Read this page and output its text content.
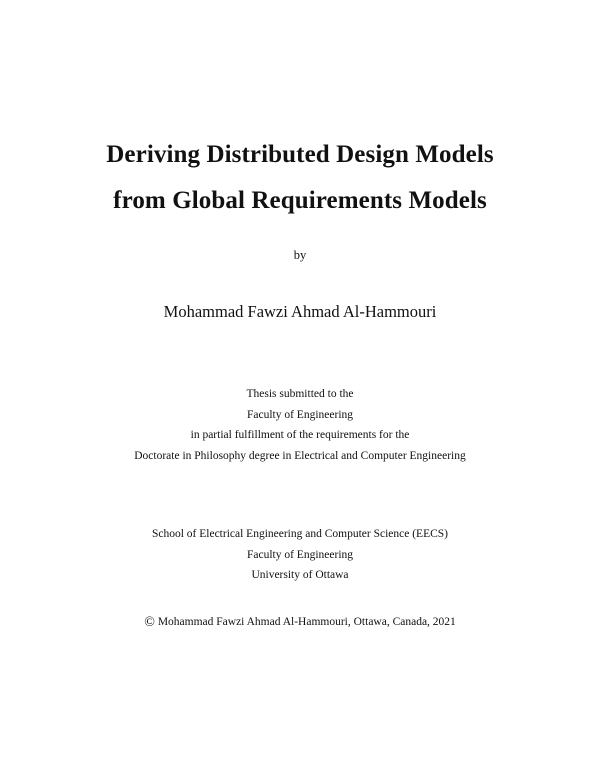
Deriving Distributed Design Models
from Global Requirements Models
by
Mohammad Fawzi Ahmad Al-Hammouri
Thesis submitted to the
Faculty of Engineering
in partial fulfillment of the requirements for the
Doctorate in Philosophy degree in Electrical and Computer Engineering
School of Electrical Engineering and Computer Science (EECS)
Faculty of Engineering
University of Ottawa
© Mohammad Fawzi Ahmad Al-Hammouri, Ottawa, Canada, 2021
